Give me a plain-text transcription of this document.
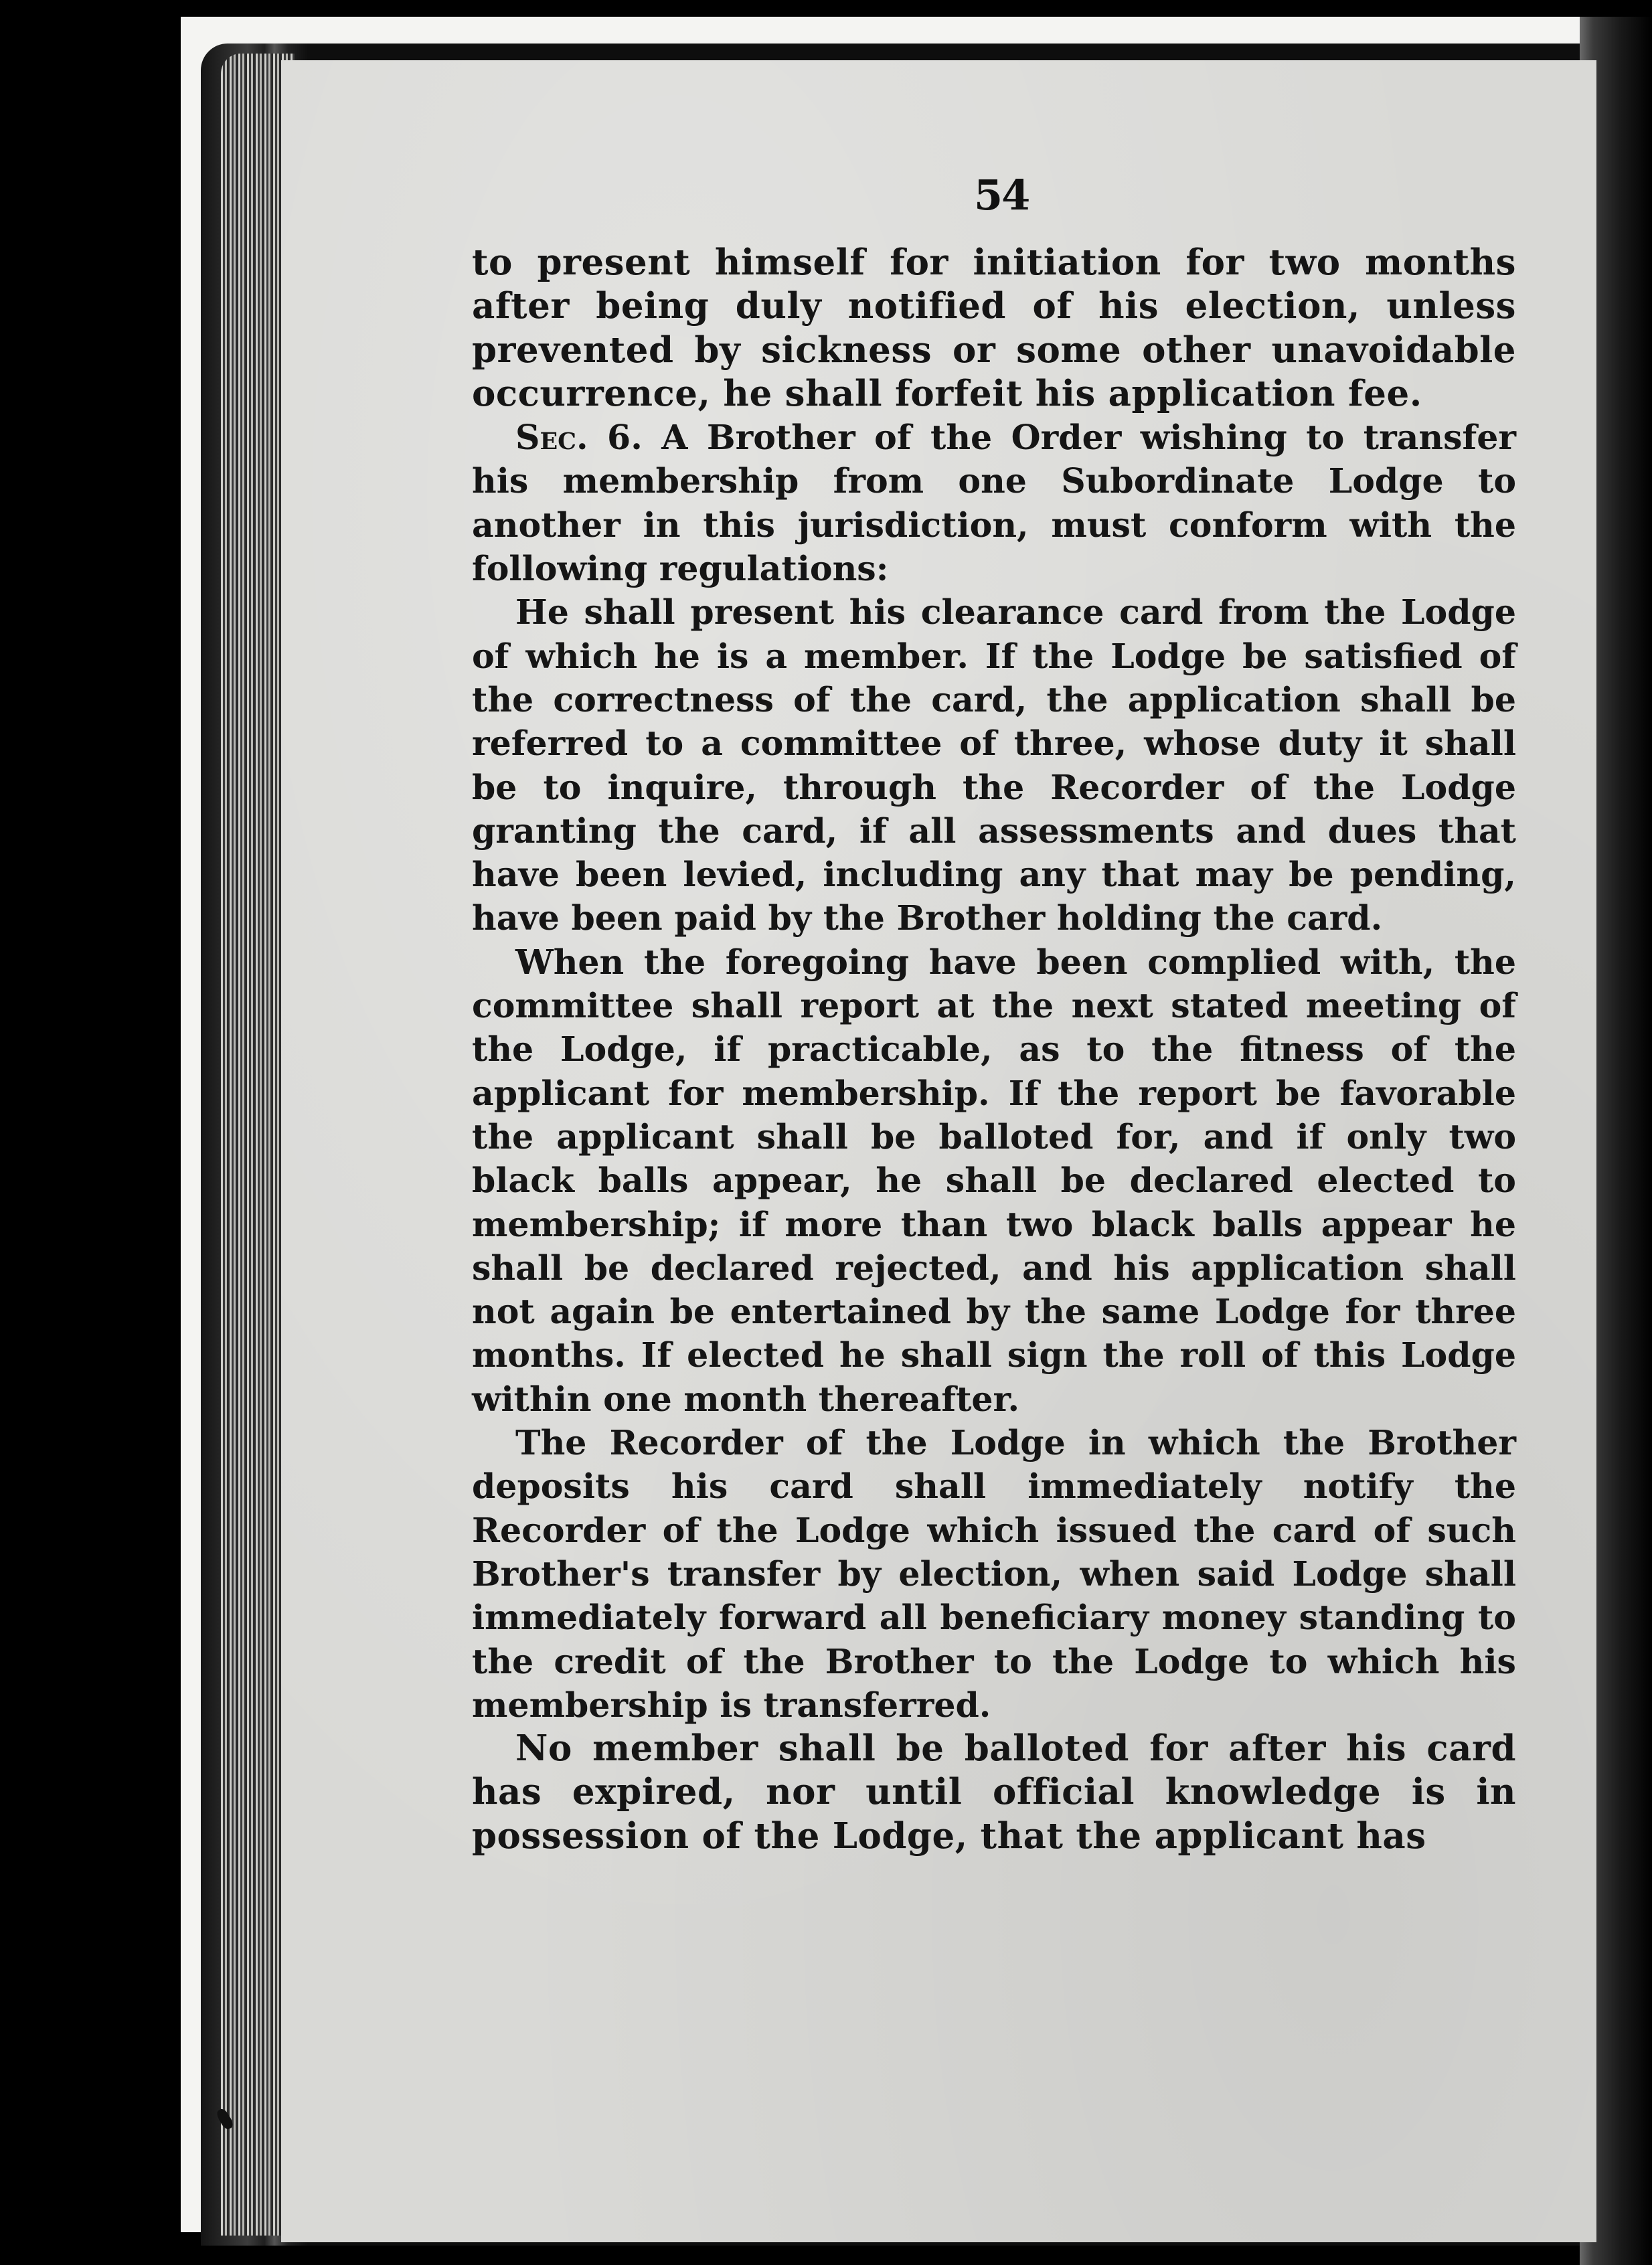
54

to present himself for initiation for two months after being duly notified of his election, unless prevented by sickness or some other unavoidable occurrence, he shall forfeit his application fee.

Sec. 6. A Brother of the Order wishing to transfer his membership from one Subordinate Lodge to another in this jurisdiction, must conform with the following regulations:

He shall present his clearance card from the Lodge of which he is a member. If the Lodge be satisfied of the correctness of the card, the application shall be referred to a committee of three, whose duty it shall be to inquire, through the Recorder of the Lodge granting the card, if all assessments and dues that have been levied, including any that may be pending, have been paid by the Brother holding the card.

When the foregoing have been complied with, the committee shall report at the next stated meeting of the Lodge, if practicable, as to the fitness of the applicant for membership. If the report be favorable the applicant shall be balloted for, and if only two black balls appear, he shall be declared elected to membership; if more than two black balls appear he shall be declared rejected, and his application shall not again be entertained by the same Lodge for three months. If elected he shall sign the roll of this Lodge within one month thereafter.

The Recorder of the Lodge in which the Brother deposits his card shall immediately notify the Recorder of the Lodge which issued the card of such Brother's transfer by election, when said Lodge shall immediately forward all beneficiary money standing to the credit of the Brother to the Lodge to which his membership is transferred.

No member shall be balloted for after his card has expired, nor until official knowledge is in possession of the Lodge, that the applicant has
